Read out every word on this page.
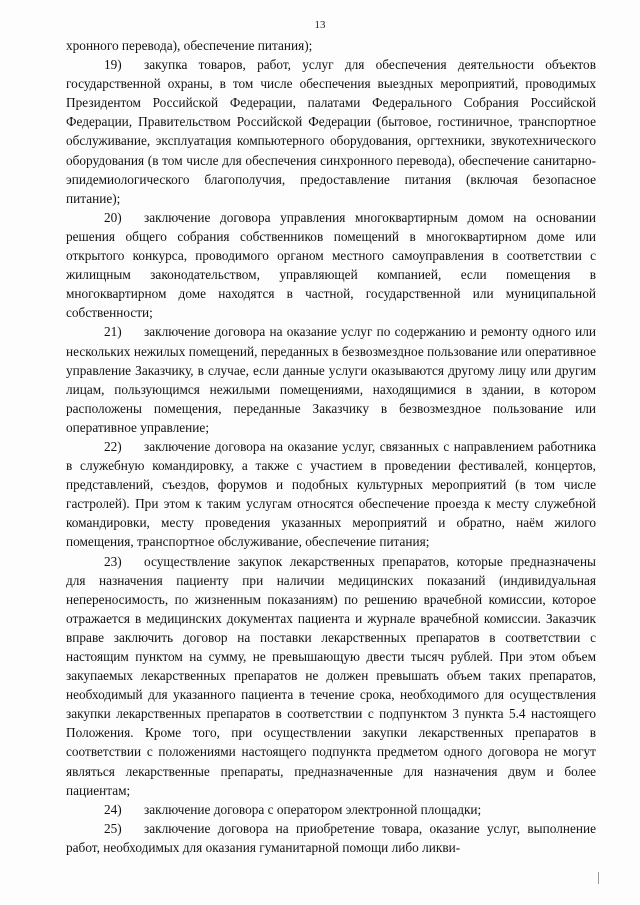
13

хронного перевода), обеспечение питания);

19) закупка товаров, работ, услуг для обеспечения деятельности объектов государственной охраны, в том числе обеспечения выездных мероприятий, проводимых Президентом Российской Федерации, палатами Федерального Собрания Российской Федерации, Правительством Российской Федерации (бытовое, гостиничное, транспортное обслуживание, эксплуатация компьютерного оборудования, оргтехники, звукотехнического оборудования (в том числе для обеспечения синхронного перевода), обеспечение санитарно-эпидемиологического благополучия, предоставление питания (включая безопасное питание);

20) заключение договора управления многоквартирным домом на основании решения общего собрания собственников помещений в многоквартирном доме или открытого конкурса, проводимого органом местного самоуправления в соответствии с жилищным законодательством, управляющей компанией, если помещения в многоквартирном доме находятся в частной, государственной или муниципальной собственности;

21) заключение договора на оказание услуг по содержанию и ремонту одного или нескольких нежилых помещений, переданных в безвозмездное пользование или оперативное управление Заказчику, в случае, если данные услуги оказываются другому лицу или другим лицам, пользующимся нежилыми помещениями, находящимися в здании, в котором расположены помещения, переданные Заказчику в безвозмездное пользование или оперативное управление;

22) заключение договора на оказание услуг, связанных с направлением работника в служебную командировку, а также с участием в проведении фестивалей, концертов, представлений, съездов, форумов и подобных культурных мероприятий (в том числе гастролей). При этом к таким услугам относятся обеспечение проезда к месту служебной командировки, месту проведения указанных мероприятий и обратно, наём жилого помещения, транспортное обслуживание, обеспечение питания;

23) осуществление закупок лекарственных препаратов, которые предназначены для назначения пациенту при наличии медицинских показаний (индивидуальная непереносимость, по жизненным показаниям) по решению врачебной комиссии, которое отражается в медицинских документах пациента и журнале врачебной комиссии. Заказчик вправе заключить договор на поставки лекарственных препаратов в соответствии с настоящим пунктом на сумму, не превышающую двести тысяч рублей. При этом объем закупаемых лекарственных препаратов не должен превышать объем таких препаратов, необходимый для указанного пациента в течение срока, необходимого для осуществления закупки лекарственных препаратов в соответствии с подпунктом 3 пункта 5.4 настоящего Положения. Кроме того, при осуществлении закупки лекарственных препаратов в соответствии с положениями настоящего подпункта предметом одного договора не могут являться лекарственные препараты, предназначенные для назначения двум и более пациентам;

24) заключение договора с оператором электронной площадки;

25) заключение договора на приобретение товара, оказание услуг, выполнение работ, необходимых для оказания гуманитарной помощи либо ликви-
